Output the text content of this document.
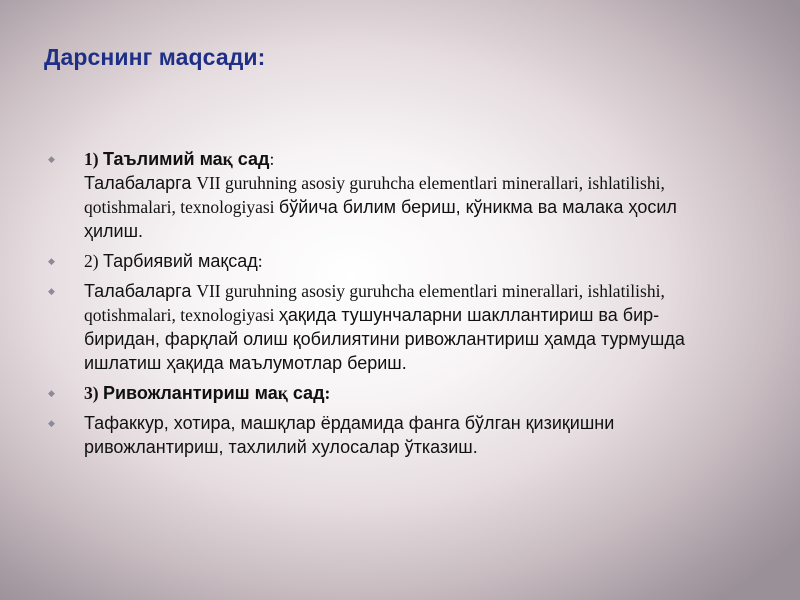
Дарснинг маqсади:
◆ 1) Таълимий мақ сад:
Талабаларга VII guruhning asosiy guruhcha elementlari minerallari, ishlatilishi, qotishmalari, texnologiyasi бўйича билим бериш, кўникма ва малака ҳосил ҳилиш.
◆ 2) Тарбиявий мақсад:
◆ Талабаларга VII guruhning asosiy guruhcha elementlari minerallari, ishlatilishi, qotishmalari, texnologiyasi ҳақида тушунчаларни шакллантириш ва бир-биридан, фарқлай олиш қобилиятини ривожлантириш ҳамда турмушда ишлатиш ҳақида маълумотлар бериш.
◆ 3) Ривожлантириш мақ сад:
◆ Тафаккур, хотира, машқлар ёрдамида фанга бўлган қизиқишни ривожлантириш, тахлилий хулосалар ўтказиш.
